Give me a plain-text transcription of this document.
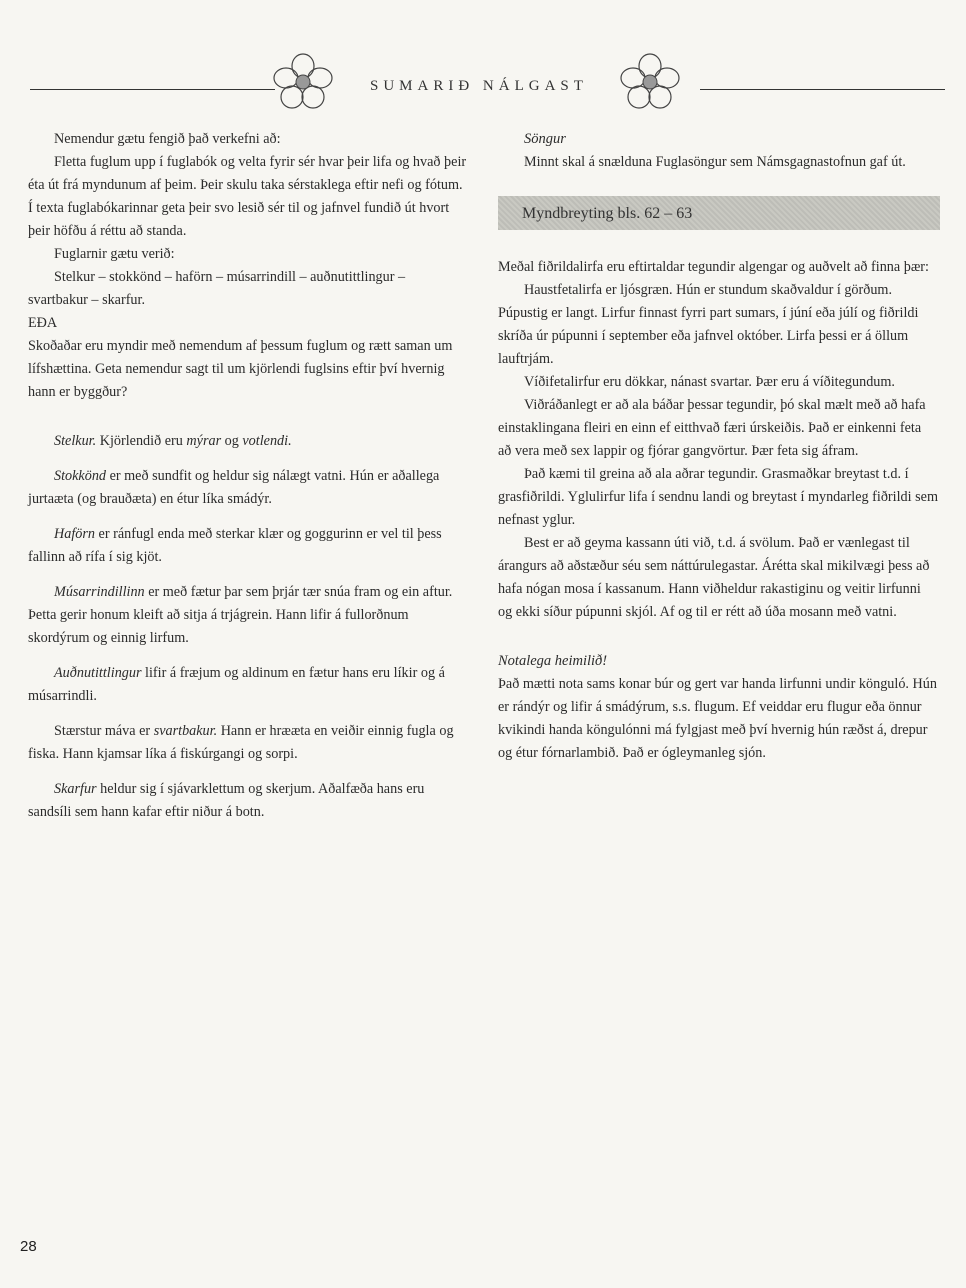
SUMARIÐ NÁLGAST

Nemendur gætu fengið það verkefni að:

Fletta fuglum upp í fuglabók og velta fyrir sér hvar þeir lifa og hvað þeir éta út frá myndunum af þeim. Þeir skulu taka sérstaklega eftir nefi og fótum. Í texta fuglabókarinnar geta þeir svo lesið sér til og jafnvel fundið út hvort þeir höfðu á réttu að standa.

Fuglarnir gætu verið:

Stelkur – stokkönd – haförn – músarrindill – auðnutittlingur – svartbakur – skarfur.

EÐA

Skoðaðar eru myndir með nemendum af þessum fuglum og rætt saman um lífshættina. Geta nemendur sagt til um kjörlendi fuglsins eftir því hvernig hann er byggður?

Stelkur. Kjörlendið eru mýrar og votlendi.

Stokkönd er með sundfit og heldur sig nálægt vatni. Hún er aðallega jurtaæta (og brauðæta) en étur líka smádýr.

Haförn er ránfugl enda með sterkar klær og goggurinn er vel til þess fallinn að rífa í sig kjöt.

Músarrindillinn er með fætur þar sem þrjár tær snúa fram og ein aftur. Þetta gerir honum kleift að sitja á trjágrein. Hann lifir á fullorðnum skordýrum og einnig lirfum.

Auðnutittlingur lifir á fræjum og aldinum en fætur hans eru líkir og á músarrindli.

Stærstur máva er svartbakur. Hann er hrææta en veiðir einnig fugla og fiska. Hann kjamsar líka á fiskúrgangi og sorpi.

Skarfur heldur sig í sjávarklettum og skerjum. Aðalfæða hans eru sandsíli sem hann kafar eftir niður á botn.

Söngur

Minnt skal á snælduna Fuglasöngur sem Námsgagnastofnun gaf út.

Myndbreyting bls. 62 – 63

Meðal fiðrildalirfa eru eftirtaldar tegundir algengar og auðvelt að finna þær:

Haustfetalirfa er ljósgræn. Hún er stundum skaðvaldur í görðum. Púpustig er langt. Lirfur finnast fyrri part sumars, í júní eða júlí og fiðrildi skríða úr púpunni í september eða jafnvel október. Lirfa þessi er á öllum lauftrjám.

Víðifetalirfur eru dökkar, nánast svartar. Þær eru á víðitegundum.

Viðráðanlegt er að ala báðar þessar tegundir, þó skal mælt með að hafa einstaklingana fleiri en einn ef eitthvað færi úrskeiðis. Það er einkenni feta að vera með sex lappir og fjórar gangvörtur. Þær feta sig áfram.

Það kæmi til greina að ala aðrar tegundir. Grasmaðkar breytast t.d. í grasfiðrildi. Yglulirfur lifa í sendnu landi og breytast í myndarleg fiðrildi sem nefnast yglur.

Best er að geyma kassann úti við, t.d. á svölum. Það er vænlegast til árangurs að aðstæður séu sem náttúrulegastar. Árétta skal mikilvægi þess að hafa nógan mosa í kassanum. Hann viðheldur rakastiginu og veitir lirfunni og ekki síður púpunni skjól. Af og til er rétt að úða mosann með vatni.

Notalega heimilið!

Það mætti nota sams konar búr og gert var handa lirfunni undir könguló. Hún er rándýr og lifir á smádýrum, s.s. flugum. Ef veiddar eru flugur eða önnur kvikindi handa köngulónni má fylgjast með því hvernig hún ræðst á, drepur og étur fórnarlambið. Það er ógleymanleg sjón.

28
